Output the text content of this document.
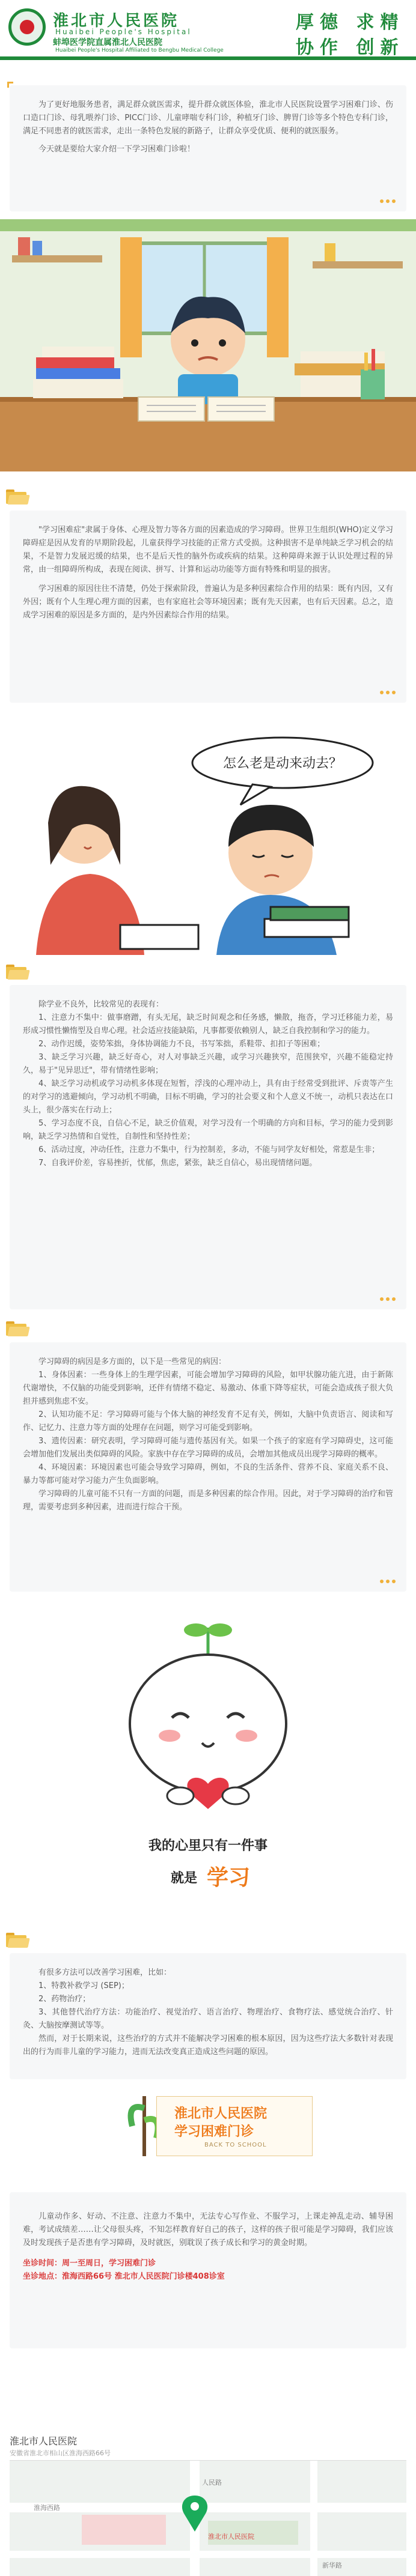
淮北市人民医院
Huaibei People's Hospital
蚌埠医学院直属淮北人民医院
Huaibei People's Hospital Affiliated to Bengbu Medical College
厚德 求精
协作 创新

为了更好地服务患者，满足群众就医需求，提升群众就医体验，淮北市人民医院设置学习困难门诊、伤口造口门诊、母乳喂养门诊、PICC门诊、儿童哮喘专科门诊，种植牙门诊、脾胃门诊等多个特色专科门诊，满足不同患者的就医需求，走出一条特色发展的新路子，让群众享受优质、便利的就医服务。

今天就是要给大家介绍一下学习困难门诊啦！

"学习困难症"隶属于身体、心理及智力等各方面的因素造成的学习障碍。世界卫生组织(WHO)定义学习障碍症是因从发育的早期阶段起，儿童获得学习技能的正常方式受损。这种损害不是单纯缺乏学习机会的结果，不是智力发展迟缓的结果，也不是后天性的脑外伤或疾病的结果。这种障碍来源于认识处理过程的异常，由一组障碍所构成，表现在阅读、拼写、计算和运动功能等方面有特殊和明显的损害。

学习困难的原因往往不清楚，仍处于探索阶段，普遍认为是多种因素综合作用的结果：既有内因，又有外因；既有个人生理心理方面的因素，也有家庭社会等环境因素；既有先天因素，也有后天因素。总之，造成学习困难的原因是多方面的，是内外因素综合作用的结果。

怎么老是动来动去？

除学业不良外，比较常见的表现有：

1、注意力不集中：做事磨蹭，有头无尾，缺乏时间观念和任务感，懒散，拖沓，学习迁移能力差，易形成习惯性懒惰型及自卑心理。社会适应技能缺陷，凡事都要依赖别人，缺乏自我控制和学习的能力。

2、动作迟缓，姿势笨拙，身体协调能力不良，书写笨拙，系鞋带、扣扣子等困难；

3、缺乏学习兴趣，缺乏好奇心，对人对事缺乏兴趣，或学习兴趣狭窄，范围狭窄，兴趣不能稳定持久，易于"见异思迁"，带有情绪性影响；

4、缺乏学习动机或学习动机多体现在短暂，浮浅的心理冲动上，具有由于经常受到批评、斥责等产生的对学习的逃避倾向，学习动机不明确，目标不明确，学习的社会要义和个人意义不统一，动机只表达在口头上，很少落实在行动上；

5、学习态度不良，自信心不足，缺乏价值观，对学习没有一个明确的方向和目标，学习的能力受到影响，缺乏学习热情和自觉性，自制性和坚持性差；

6、活动过度，冲动任性，注意力不集中，行为控制差，多动，不能与同学友好相处，常惹是生非；

7、自我评价差，容易挫折，忧郁，焦虑，紧张，缺乏自信心，易出现情绪问题。

学习障碍的病因是多方面的，以下是一些常见的病因：

1、身体因素：一些身体上的生理学因素，可能会增加学习障碍的风险，如甲状腺功能亢进，由于新陈代谢增快，不仅脑的功能受到影响，还伴有情绪不稳定、易激动、体重下降等症状，可能会造成孩子很大负担并感到焦虑不安。

2、认知功能不足：学习障碍可能与个体大脑的神经发育不足有关，例如，大脑中负责语言、阅读和写作、记忆力、注意力等方面的处理存在问题，则学习可能受到影响。

3、遗传因素：研究表明，学习障碍可能与遗传基因有关。如果一个孩子的家庭有学习障碍史，这可能会增加他们发展出类似障碍的风险。家族中存在学习障碍的成员，会增加其他成员出现学习障碍的概率。

4、环境因素：环境因素也可能会导致学习障碍，例如，不良的生活条件、营养不良、家庭关系不良、暴力等都可能对学习能力产生负面影响。

学习障碍的儿童可能不只有一方面的问题，而是多种因素的综合作用。因此，对于学习障碍的治疗和管理，需要考虑到多种因素，进而进行综合干预。

我的心里只有一件事
就是 学习

有很多方法可以改善学习困难，比如：

1、特教补救学习 (SEP)；

2、药物治疗；

3、其他替代治疗方法：功能治疗、视觉治疗、语言治疗、物理治疗、食物疗法、感觉统合治疗、针灸、大脑按摩测试等等。

然而，对于长期来说，这些治疗的方式并不能解决学习困难的根本原因，因为这些疗法大多数针对表现出的行为而非儿童的学习能力，进而无法改变真正造成这些问题的原因。

淮北市人民医院
学习困难门诊
BACK TO SCHOOL

儿童动作多、好动、不注意、注意力不集中，无法专心写作业、不服学习，上课走神乱走动、辅导困难，考试成绩差……让父母很头疼，不知怎样教育好自己的孩子，这样的孩子很可能是学习障碍，我们应该及时发现孩子是否患有学习障碍，及时就医，别耽误了孩子成长和学习的黄金时期。

坐诊时间：周一至周日，学习困难门诊
坐诊地点：淮海西路66号 淮北市人民医院门诊楼408诊室
淮北市人民医院
安徽省淮北市相山区淮海西路66号
淮海西路
人民路
淮北市人民医院
新华路
